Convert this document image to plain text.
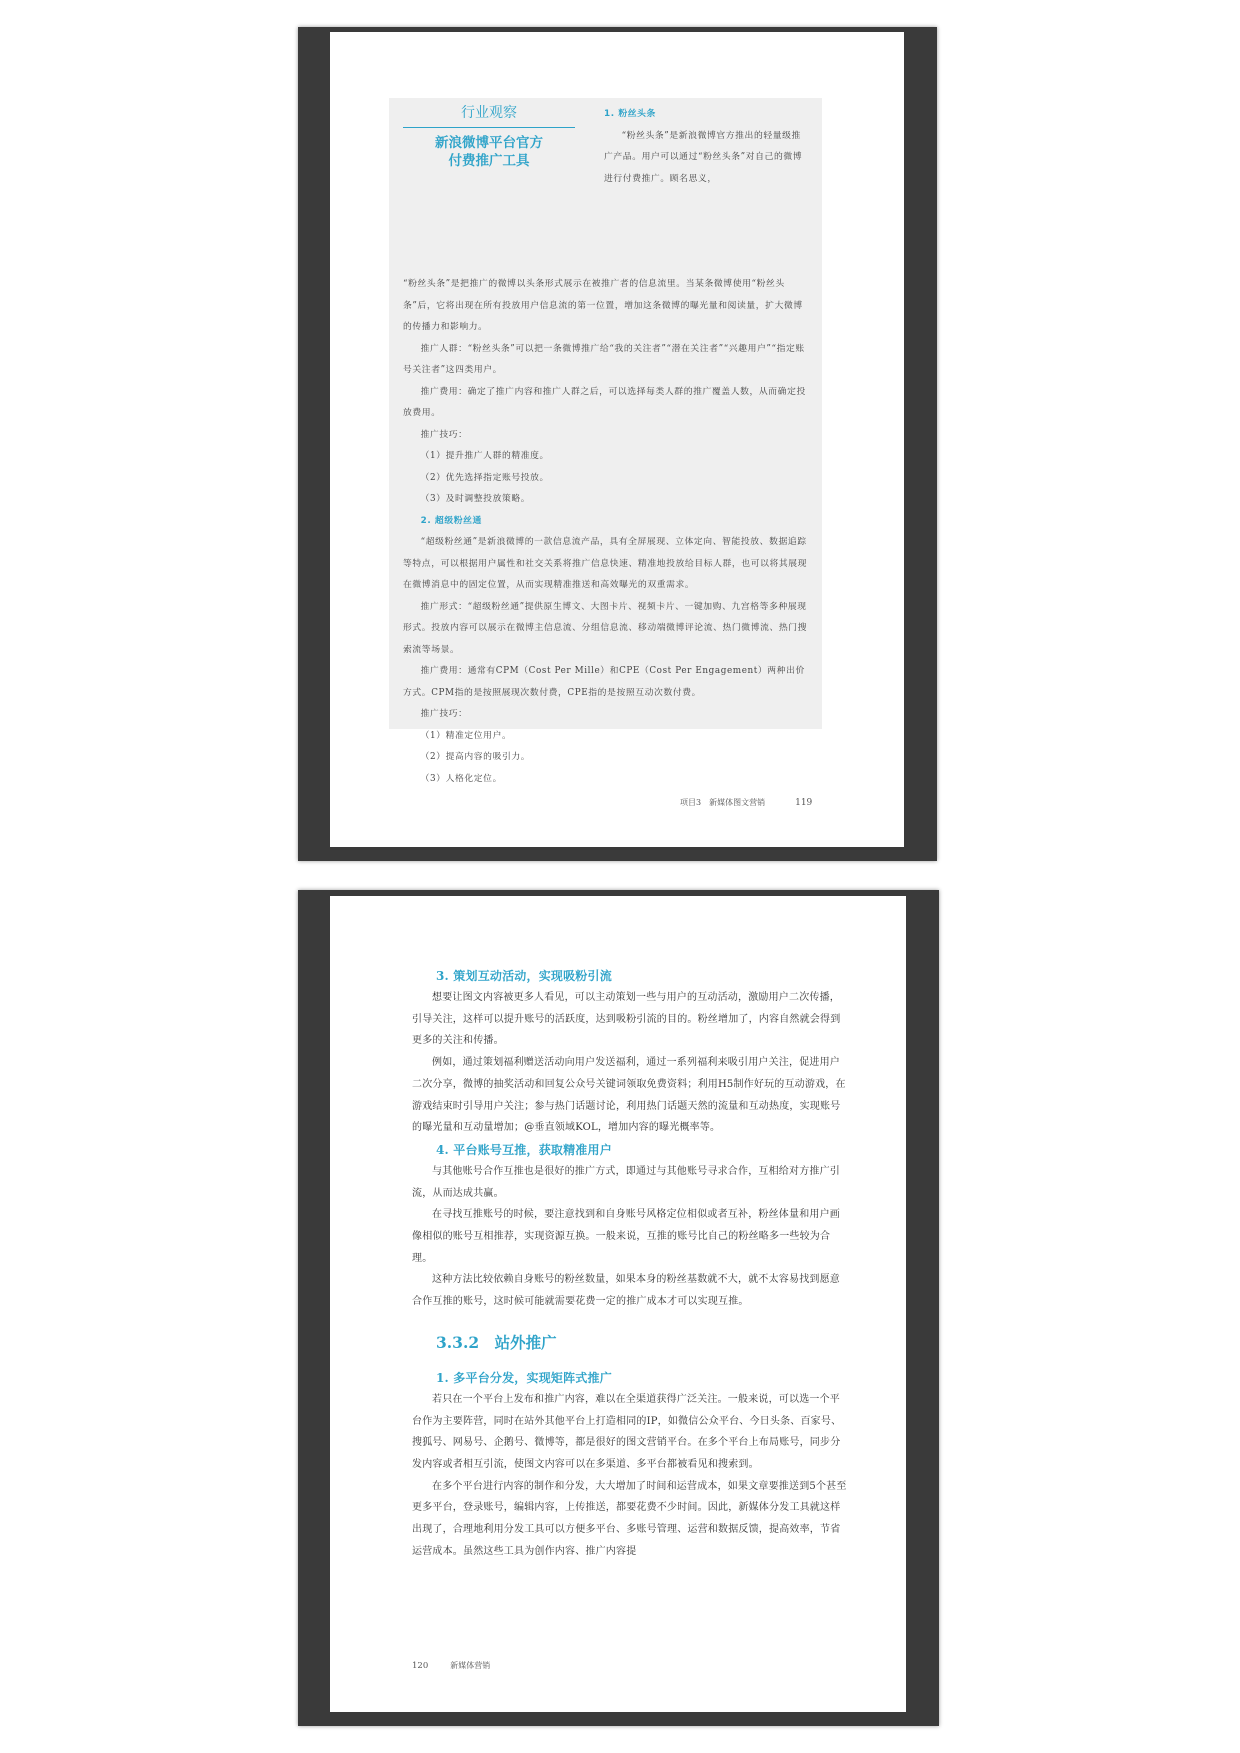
行业观察
新浪微博平台官方付费推广工具

1. 粉丝头条

“粉丝头条”是新浪微博官方推出的轻量级推广产品。用户可以通过“粉丝头条”对自己的微博进行付费推广。顾名思义，

“粉丝头条”是把推广的微博以头条形式展示在被推广者的信息流里。当某条微博使用“粉丝头条”后，它将出现在所有投放用户信息流的第一位置，增加这条微博的曝光量和阅读量，扩大微博的传播力和影响力。

推广人群：“粉丝头条”可以把一条微博推广给“我的关注者”“潜在关注者”“兴趣用户”“指定账号关注者”这四类用户。

推广费用：确定了推广内容和推广人群之后，可以选择每类人群的推广覆盖人数，从而确定投放费用。

推广技巧：

（1）提升推广人群的精准度。

（2）优先选择指定账号投放。

（3）及时调整投放策略。

2. 超级粉丝通

“超级粉丝通”是新浪微博的一款信息流产品，具有全屏展现、立体定向、智能投放、数据追踪等特点，可以根据用户属性和社交关系将推广信息快速、精准地投放给目标人群，也可以将其展现在微博消息中的固定位置，从而实现精准推送和高效曝光的双重需求。

推广形式：“超级粉丝通”提供原生博文、大图卡片、视频卡片、一键加购、九宫格等多种展现形式。投放内容可以展示在微博主信息流、分组信息流、移动端微博评论流、热门微博流、热门搜索流等场景。

推广费用：通常有CPM（Cost Per Mille）和CPE（Cost Per Engagement）两种出价方式。CPM指的是按照展现次数付费，CPE指的是按照互动次数付费。

推广技巧：

（1）精准定位用户。

（2）提高内容的吸引力。

（3）人格化定位。

项目3　新媒体图文营销	119

3. 策划互动活动，实现吸粉引流

想要让图文内容被更多人看见，可以主动策划一些与用户的互动活动，激励用户二次传播，引导关注，这样可以提升账号的活跃度，达到吸粉引流的目的。粉丝增加了，内容自然就会得到更多的关注和传播。

例如，通过策划福利赠送活动向用户发送福利，通过一系列福利来吸引用户关注，促进用户二次分享，微博的抽奖活动和回复公众号关键词领取免费资料；利用H5制作好玩的互动游戏，在游戏结束时引导用户关注；参与热门话题讨论，利用热门话题天然的流量和互动热度，实现账号的曝光量和互动量增加；@垂直领域KOL，增加内容的曝光概率等。

4. 平台账号互推，获取精准用户

与其他账号合作互推也是很好的推广方式，即通过与其他账号寻求合作，互相给对方推广引流，从而达成共赢。

在寻找互推账号的时候，要注意找到和自身账号风格定位相似或者互补，粉丝体量和用户画像相似的账号互相推荐，实现资源互换。一般来说，互推的账号比自己的粉丝略多一些较为合理。

这种方法比较依赖自身账号的粉丝数量，如果本身的粉丝基数就不大，就不太容易找到愿意合作互推的账号，这时候可能就需要花费一定的推广成本才可以实现互推。

3.3.2　站外推广

1. 多平台分发，实现矩阵式推广

若只在一个平台上发布和推广内容，难以在全渠道获得广泛关注。一般来说，可以选一个平台作为主要阵营，同时在站外其他平台上打造相同的IP，如微信公众平台、今日头条、百家号、搜狐号、网易号、企鹅号、微博等，都是很好的图文营销平台。在多个平台上布局账号，同步分发内容或者相互引流，使图文内容可以在多渠道、多平台都被看见和搜索到。

在多个平台进行内容的制作和分发，大大增加了时间和运营成本，如果文章要推送到5个甚至更多平台，登录账号，编辑内容，上传推送，都要花费不少时间。因此，新媒体分发工具就这样出现了，合理地利用分发工具可以方便多平台、多账号管理、运营和数据反馈，提高效率，节省运营成本。虽然这些工具为创作内容、推广内容提

120	新媒体营销
